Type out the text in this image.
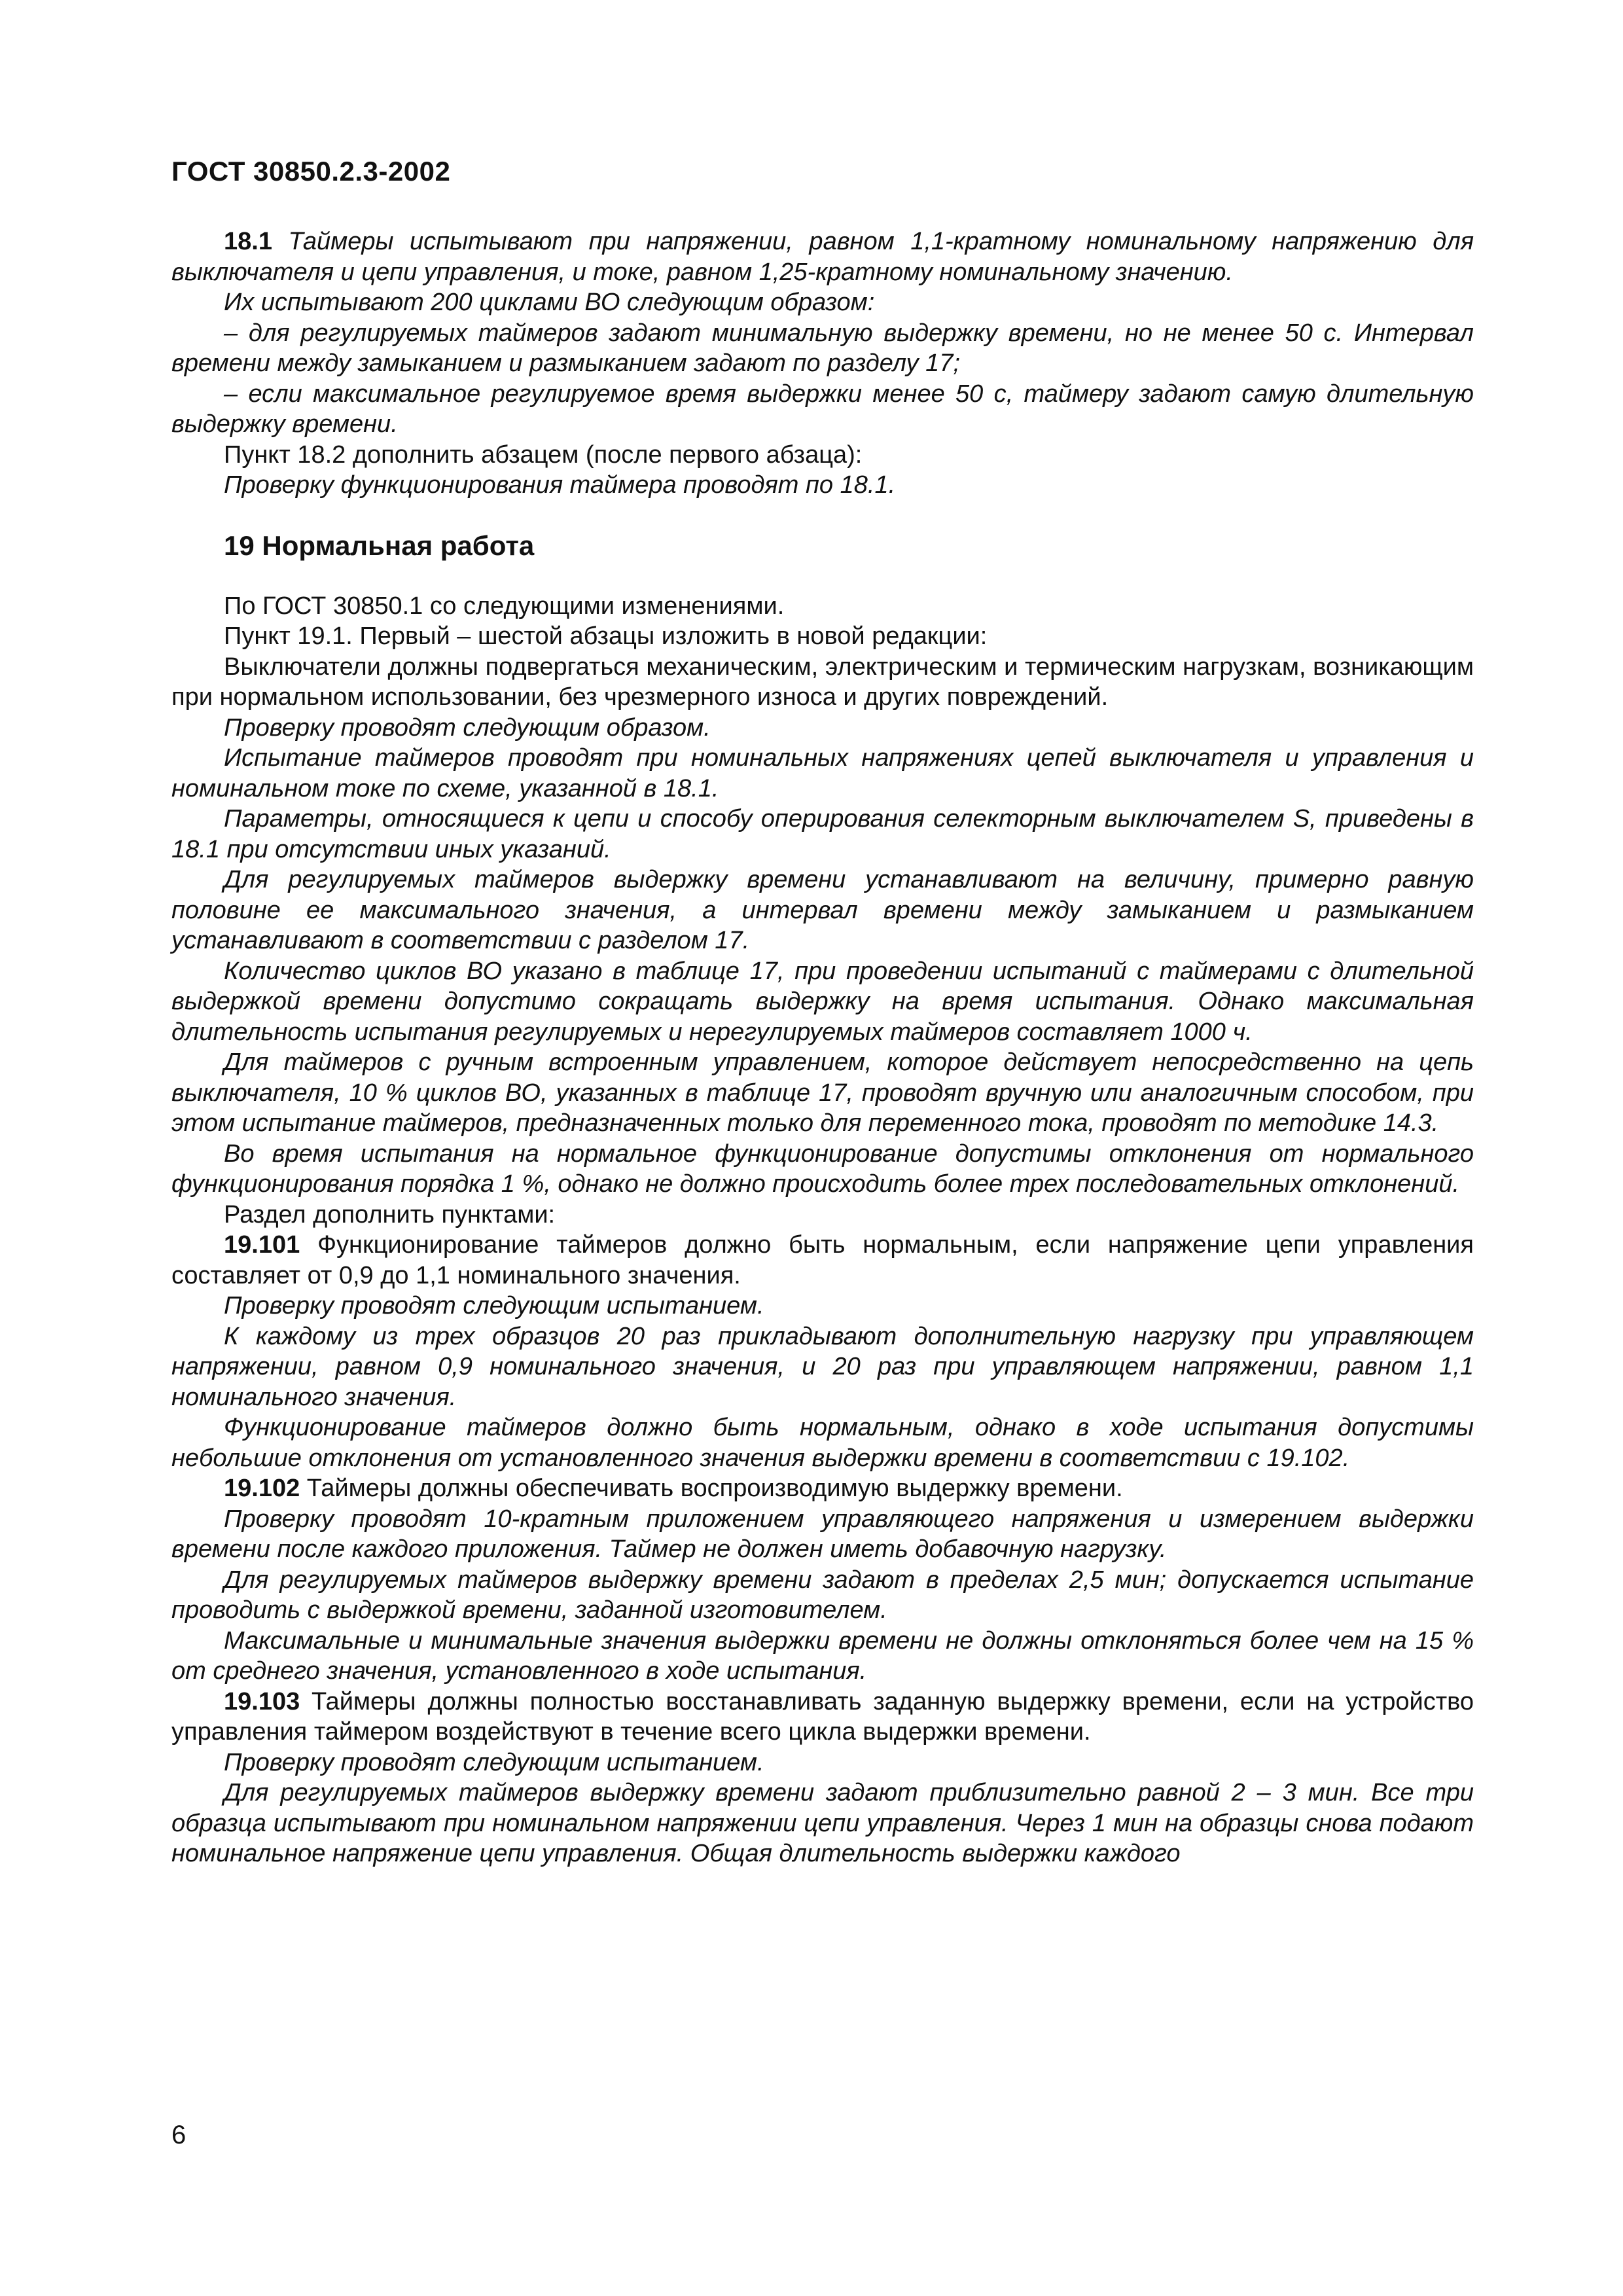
ГОСТ 30850.2.3-2002

18.1 Таймеры испытывают при напряжении, равном 1,1-кратному номинальному напряжению для выключателя и цепи управления, и токе, равном 1,25-кратному номинальному значению.

Их испытывают 200 циклами ВО следующим образом:

– для регулируемых таймеров задают минимальную выдержку времени, но не менее 50 с. Интервал времени между замыканием и размыканием задают по разделу 17;

– если максимальное регулируемое время выдержки менее 50 с, таймеру задают самую длительную выдержку времени.

Пункт 18.2 дополнить абзацем (после первого абзаца):

Проверку функционирования таймера проводят по 18.1.

19 Нормальная работа

По ГОСТ 30850.1 со следующими изменениями.

Пункт 19.1. Первый – шестой абзацы изложить в новой редакции:

Выключатели должны подвергаться механическим, электрическим и термическим нагрузкам, возникающим при нормальном использовании, без чрезмерного износа и других повреждений.

Проверку проводят следующим образом.

Испытание таймеров проводят при номинальных напряжениях цепей выключателя и управления и номинальном токе по схеме, указанной в 18.1.

Параметры, относящиеся к цепи и способу оперирования селекторным выключателем S, приведены в 18.1 при отсутствии иных указаний.

Для регулируемых таймеров выдержку времени устанавливают на величину, примерно равную половине ее максимального значения, а интервал времени между замыканием и размыканием устанавливают в соответствии с разделом 17.

Количество циклов ВО указано в таблице 17, при проведении испытаний с таймерами с длительной выдержкой времени допустимо сокращать выдержку на время испытания. Однако максимальная длительность испытания регулируемых и нерегулируемых таймеров составляет 1000 ч.

Для таймеров с ручным встроенным управлением, которое действует непосредственно на цепь выключателя, 10 % циклов ВО, указанных в таблице 17, проводят вручную или аналогичным способом, при этом испытание таймеров, предназначенных только для переменного тока, проводят по методике 14.3.

Во время испытания на нормальное функционирование допустимы отклонения от нормального функционирования порядка 1 %, однако не должно происходить более трех последовательных отклонений.

Раздел дополнить пунктами:

19.101 Функционирование таймеров должно быть нормальным, если напряжение цепи управления составляет от 0,9 до 1,1 номинального значения.

Проверку проводят следующим испытанием.

К каждому из трех образцов 20 раз прикладывают дополнительную нагрузку при управляющем напряжении, равном 0,9 номинального значения, и 20 раз при управляющем напряжении, равном 1,1 номинального значения.

Функционирование таймеров должно быть нормальным, однако в ходе испытания допустимы небольшие отклонения от установленного значения выдержки времени в соответствии с 19.102.

19.102 Таймеры должны обеспечивать воспроизводимую выдержку времени.

Проверку проводят 10-кратным приложением управляющего напряжения и измерением выдержки времени после каждого приложения. Таймер не должен иметь добавочную нагрузку.

Для регулируемых таймеров выдержку времени задают в пределах 2,5 мин; допускается испытание проводить с выдержкой времени, заданной изготовителем.

Максимальные и минимальные значения выдержки времени не должны отклоняться более чем на 15 % от среднего значения, установленного в ходе испытания.

19.103 Таймеры должны полностью восстанавливать заданную выдержку времени, если на устройство управления таймером воздействуют в течение всего цикла выдержки времени.

Проверку проводят следующим испытанием.

Для регулируемых таймеров выдержку времени задают приблизительно равной 2 – 3 мин. Все три образца испытывают при номинальном напряжении цепи управления. Через 1 мин на образцы снова подают номинальное напряжение цепи управления. Общая длительность выдержки каждого

6
